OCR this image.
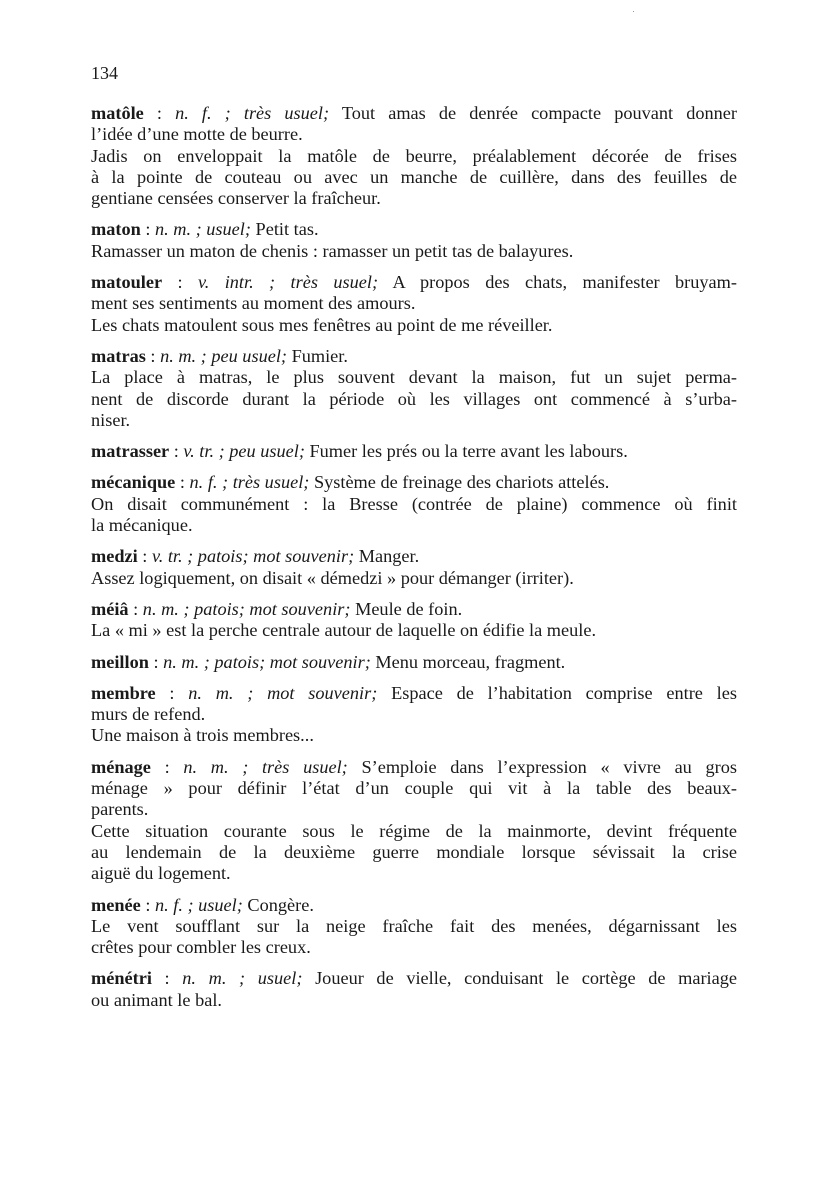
134
matôle : n. f. ; très usuel; Tout amas de denrée compacte pouvant donner
l’idée d’une motte de beurre.
Jadis on enveloppait la matôle de beurre, préalablement décorée de frises
à la pointe de couteau ou avec un manche de cuillère, dans des feuilles de
gentiane censées conserver la fraîcheur.
maton : n. m. ; usuel; Petit tas.
Ramasser un maton de chenis : ramasser un petit tas de balayures.
matouler : v. intr. ; très usuel; A propos des chats, manifester bruyam-
ment ses sentiments au moment des amours.
Les chats matoulent sous mes fenêtres au point de me réveiller.
matras : n. m. ; peu usuel; Fumier.
La place à matras, le plus souvent devant la maison, fut un sujet perma-
nent de discorde durant la période où les villages ont commencé à s’urba-
niser.
matrasser : v. tr. ; peu usuel; Fumer les prés ou la terre avant les labours.
mécanique : n. f. ; très usuel; Système de freinage des chariots attelés.
On disait communément : la Bresse (contrée de plaine) commence où finit
la mécanique.
medzi : v. tr. ; patois; mot souvenir; Manger.
Assez logiquement, on disait « démedzi » pour démanger (irriter).
méiâ : n. m. ; patois; mot souvenir; Meule de foin.
La « mi » est la perche centrale autour de laquelle on édifie la meule.
meillon : n. m. ; patois; mot souvenir; Menu morceau, fragment.
membre : n. m. ; mot souvenir; Espace de l’habitation comprise entre les
murs de refend.
Une maison à trois membres...
ménage : n. m. ; très usuel; S’emploie dans l’expression « vivre au gros
ménage » pour définir l’état d’un couple qui vit à la table des beaux-
parents.
Cette situation courante sous le régime de la mainmorte, devint fréquente
au lendemain de la deuxième guerre mondiale lorsque sévissait la crise
aiguë du logement.
menée : n. f. ; usuel; Congère.
Le vent soufflant sur la neige fraîche fait des menées, dégarnissant les
crêtes pour combler les creux.
ménétri : n. m. ; usuel; Joueur de vielle, conduisant le cortège de mariage
ou animant le bal.
